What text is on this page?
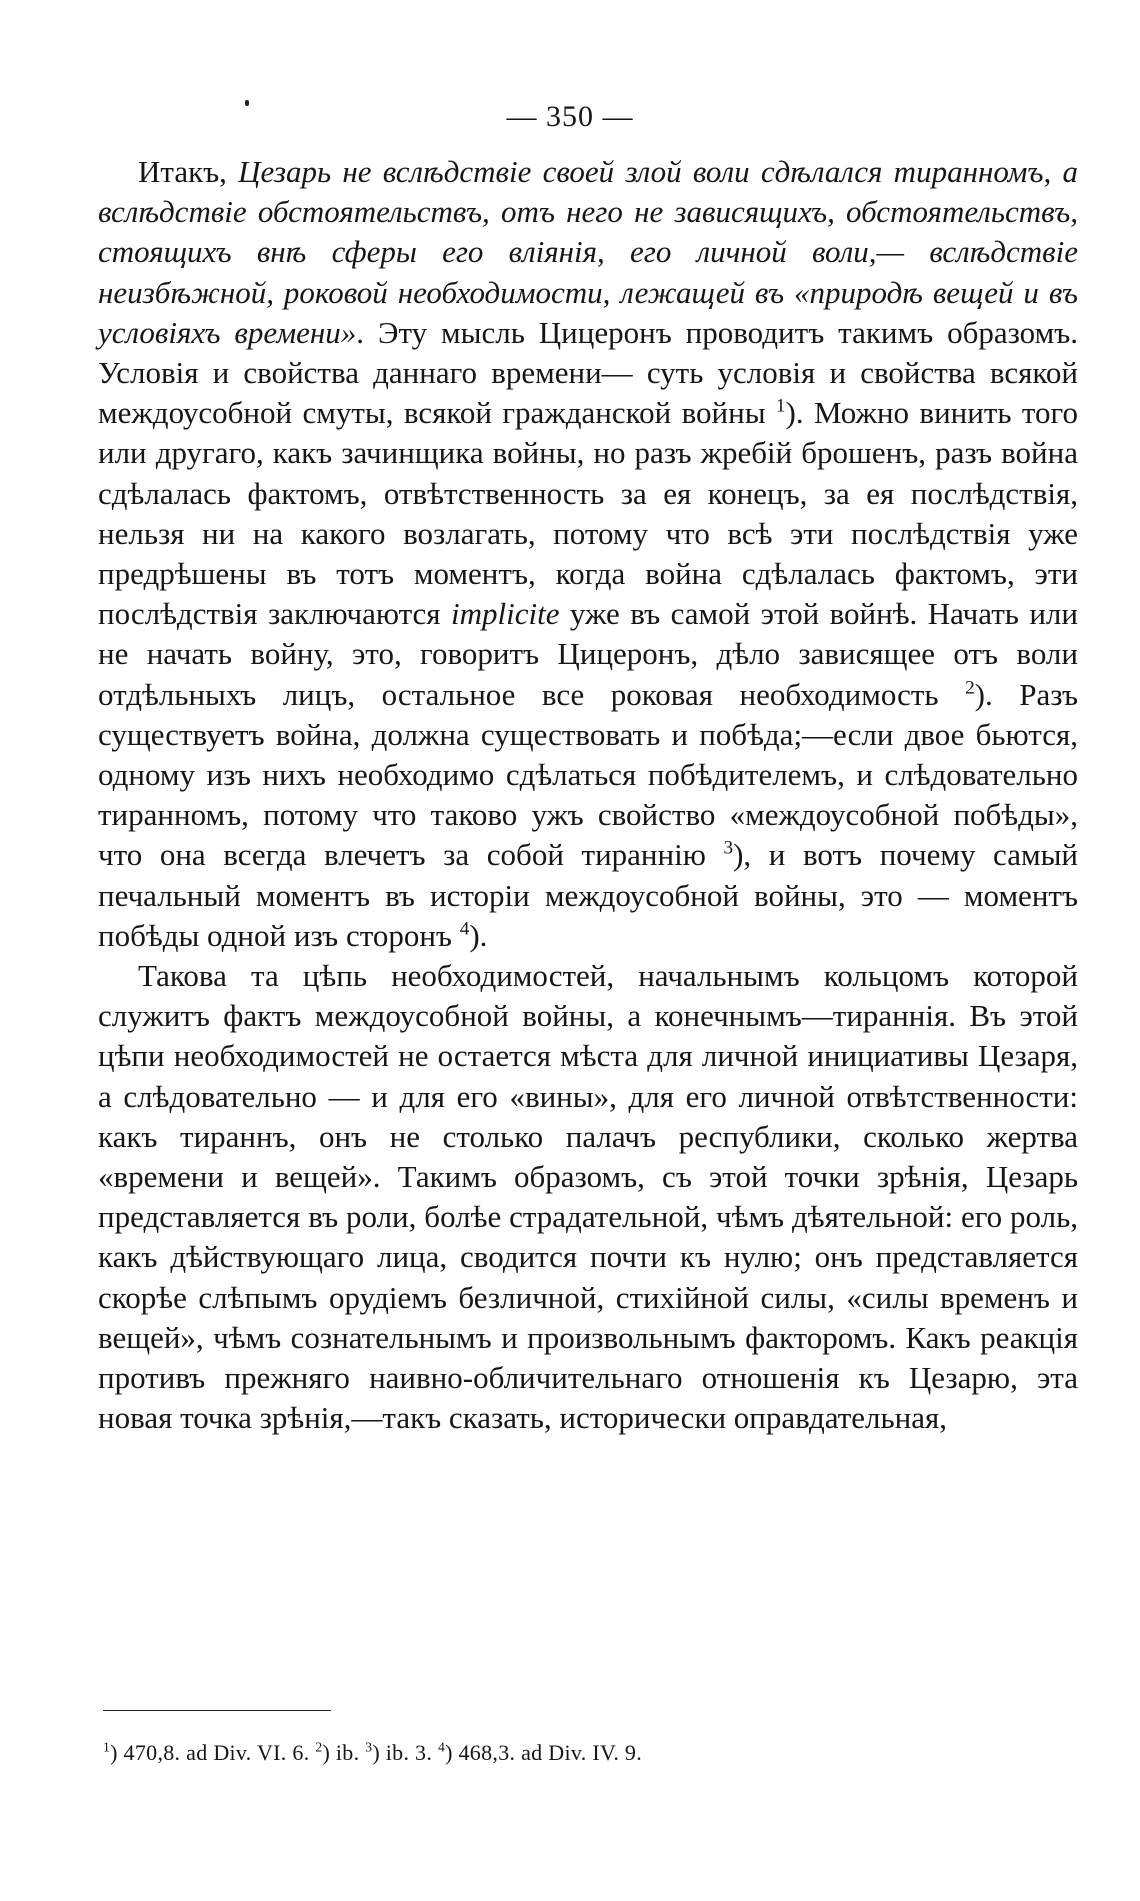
— 350 —

Итакъ, Цезарь не вслѣдствіе своей злой воли сдѣлался тиранномъ, а вслѣдствіе обстоятельствъ, отъ него не зависящихъ, обстоятельствъ, стоящихъ внѣ сферы его вліянія, его личной воли,— вслѣдствіе неизбѣжной, роковой необходимости, лежащей въ «природѣ вещей и въ условіяхъ времени». Эту мысль Цицеронъ проводитъ такимъ образомъ. Условія и свойства даннаго времени— суть условія и свойства всякой междоусобной смуты, всякой гражданской войны $^1$). Можно винить того или другаго, какъ зачинщика войны, но разъ жребій брошенъ, разъ война сдѣлалась фактомъ, отвѣтственность за ея конецъ, за ея послѣдствія, нельзя ни на какого возлагать, потому что всѣ эти послѣдствія уже предрѣшены въ тотъ моментъ, когда война сдѣлалась фактомъ, эти послѣдствія заключаются implicite уже въ самой этой войнѣ. Начать или не начать войну, это, говоритъ Цицеронъ, дѣло зависящее отъ воли отдѣльныхъ лицъ, остальное все роковая необходимость $^2$). Разъ существуетъ война, должна существовать и побѣда;—если двое бьются, одному изъ нихъ необходимо сдѣлаться побѣдителемъ, и слѣдовательно тиранномъ, потому что таково ужъ свойство «междоусобной побѣды», что она всегда влечетъ за собой тираннію $^3$), и вотъ почему самый печальный моментъ въ исторіи междоусобной войны, это — моментъ побѣды одной изъ сторонъ $^4$).

Такова та цѣпь необходимостей, начальнымъ кольцомъ которой служитъ фактъ междоусобной войны, а конечнымъ—тираннія. Въ этой цѣпи необходимостей не остается мѣста для личной инициативы Цезаря, а слѣдовательно — и для его «вины», для его личной отвѣтственности: какъ тираннъ, онъ не столько палачъ республики, сколько жертва «времени и вещей». Такимъ образомъ, съ этой точки зрѣнія, Цезарь представляется въ роли, болѣе страдательной, чѣмъ дѣятельной: его роль, какъ дѣйствующаго лица, сводится почти къ нулю; онъ представляется скорѣе слѣпымъ орудіемъ безличной, стихійной силы, «силы временъ и вещей», чѣмъ сознательнымъ и произвольнымъ факторомъ. Какъ реакція противъ прежняго наивно-обличительнаго отношенія къ Цезарю, эта новая точка зрѣнія,—такъ сказать, исторически оправдательная,

$^1$) 470,8. ad Div. VI. 6. $^2$) ib. $^3$) ib. 3. $^4$) 468,3. ad Div. IV. 9.
